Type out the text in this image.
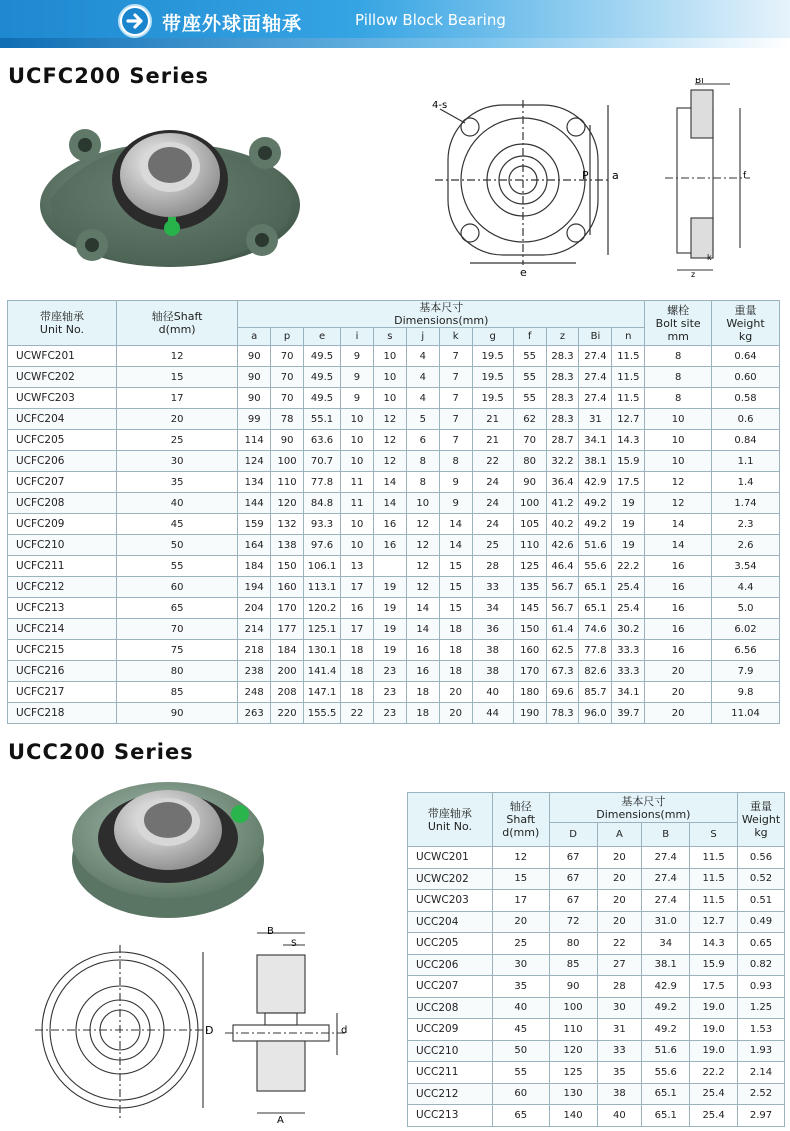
带座外球面轴承	Pillow Block Bearing
UCFC200 Series
4-s
P a
e
Bi
f
k
z
带座轴承
Unit No.	轴径Shaft
d(mm)	基本尺寸
Dimensions(mm)												螺栓
Bolt site
mm	重量
Weight
kg

		a	p	e	i	s	j	k	g	f	z	Bi	n		
UCWFC201	12	90	70	49.5	9	10	4	7	19.5	55	28.3	27.4	11.5	8	0.64
UCWFC202	15	90	70	49.5	9	10	4	7	19.5	55	28.3	27.4	11.5	8	0.60
UCWFC203	17	90	70	49.5	9	10	4	7	19.5	55	28.3	27.4	11.5	8	0.58
UCFC204	20	99	78	55.1	10	12	5	7	21	62	28.3	31	12.7	10	0.6
UCFC205	25	114	90	63.6	10	12	6	7	21	70	28.7	34.1	14.3	10	0.84
UCFC206	30	124	100	70.7	10	12	8	8	22	80	32.2	38.1	15.9	10	1.1
UCFC207	35	134	110	77.8	11	14	8	9	24	90	36.4	42.9	17.5	12	1.4
UCFC208	40	144	120	84.8	11	14	10	9	24	100	41.2	49.2	19	12	1.74
UCFC209	45	159	132	93.3	10	16	12	14	24	105	40.2	49.2	19	14	2.3
UCFC210	50	164	138	97.6	10	16	12	14	25	110	42.6	51.6	19	14	2.6
UCFC211	55	184	150	106.1	13		12	15	28	125	46.4	55.6	22.2	16	3.54
UCFC212	60	194	160	113.1	17	19	12	15	33	135	56.7	65.1	25.4	16	4.4
UCFC213	65	204	170	120.2	16	19	14	15	34	145	56.7	65.1	25.4	16	5.0
UCFC214	70	214	177	125.1	17	19	14	18	36	150	61.4	74.6	30.2	16	6.02
UCFC215	75	218	184	130.1	18	19	16	18	38	160	62.5	77.8	33.3	16	6.56
UCFC216	80	238	200	141.4	18	23	16	18	38	170	67.3	82.6	33.3	20	7.9
UCFC217	85	248	208	147.1	18	23	18	20	40	180	69.6	85.7	34.1	20	9.8
UCFC218	90	263	220	155.5	22	23	18	20	44	190	78.3	96.0	39.7	20	11.04
UCC200 Series
D
B
S
d
A
带座轴承
Unit No.	轴径
Shaft
d(mm)	基本尺寸
Dimensions(mm)				重量
Weight
kg

		D	A	B	S	
UCWC201	12	67	20	27.4	11.5	0.56
UCWC202	15	67	20	27.4	11.5	0.52
UCWC203	17	67	20	27.4	11.5	0.51
UCC204	20	72	20	31.0	12.7	0.49
UCC205	25	80	22	34	14.3	0.65
UCC206	30	85	27	38.1	15.9	0.82
UCC207	35	90	28	42.9	17.5	0.93
UCC208	40	100	30	49.2	19.0	1.25
UCC209	45	110	31	49.2	19.0	1.53
UCC210	50	120	33	51.6	19.0	1.93
UCC211	55	125	35	55.6	22.2	2.14
UCC212	60	130	38	65.1	25.4	2.52
UCC213	65	140	40	65.1	25.4	2.97
